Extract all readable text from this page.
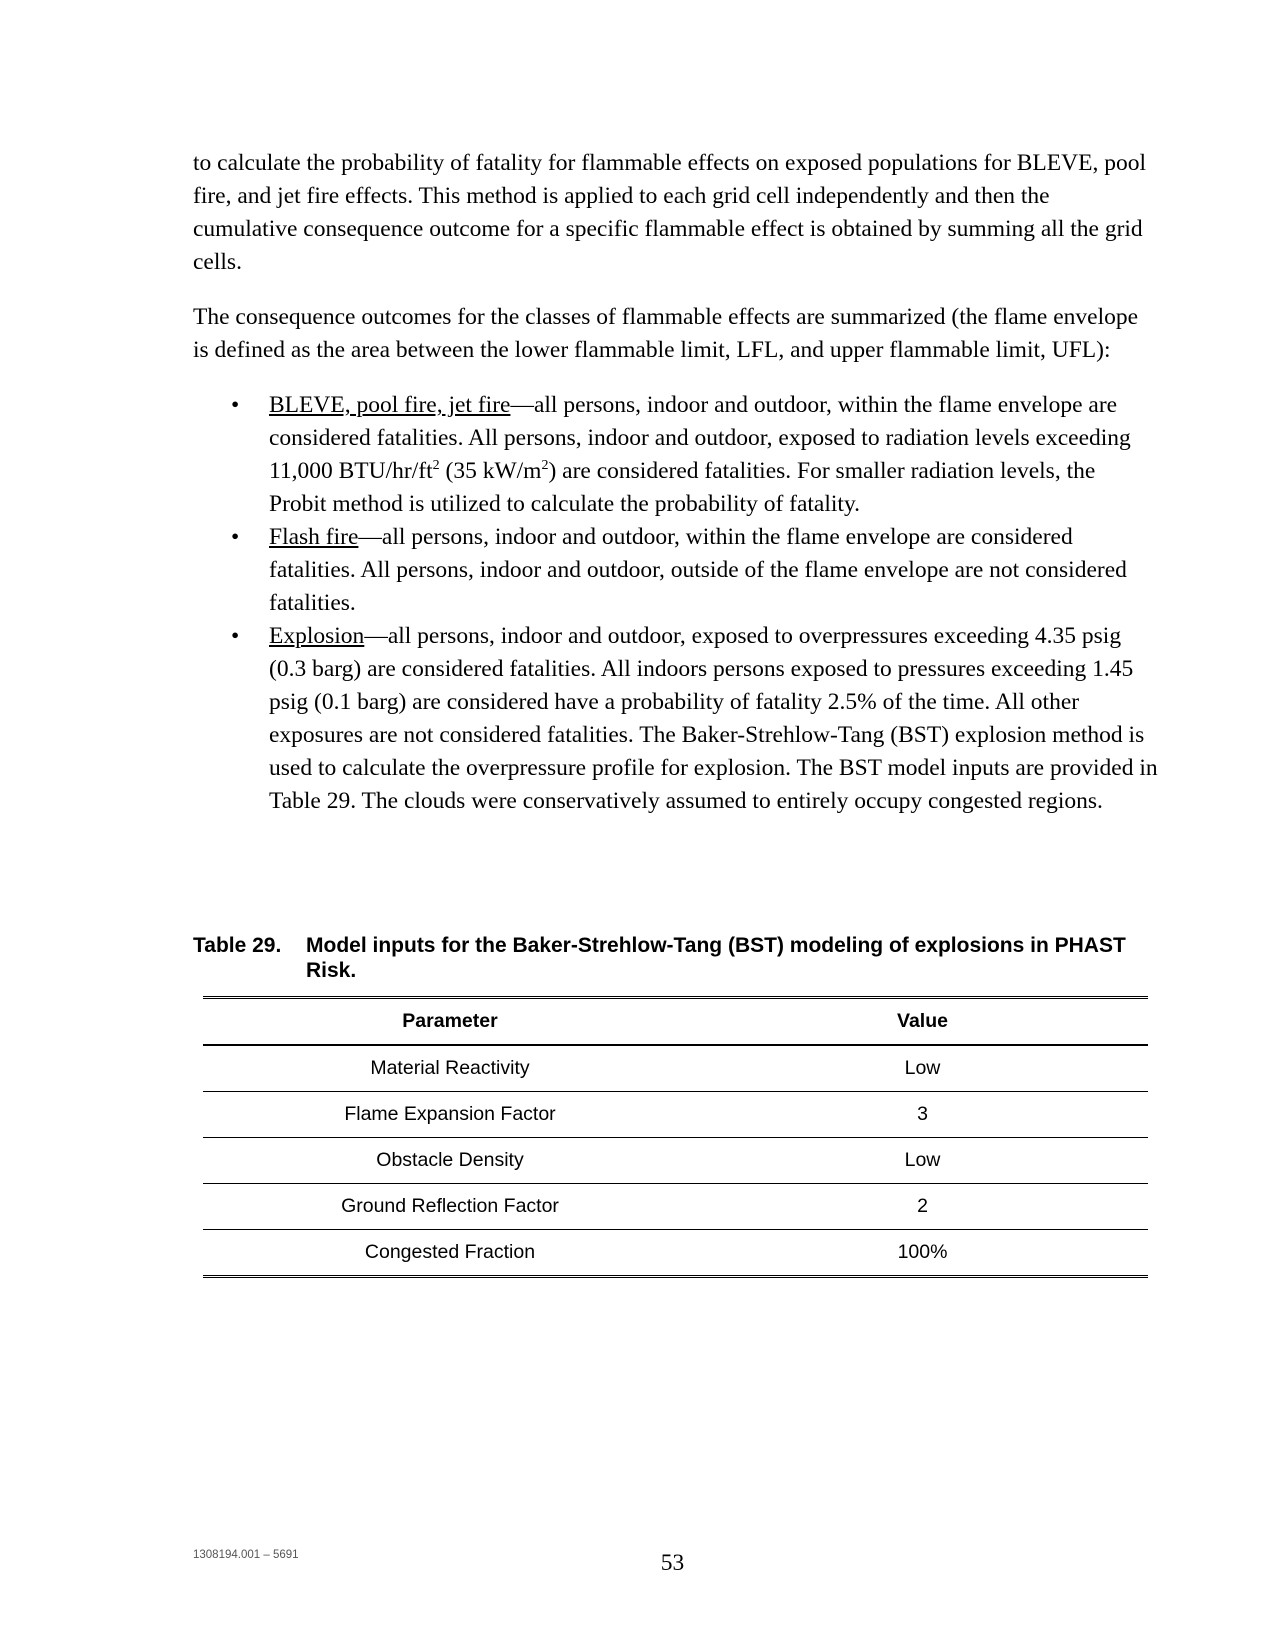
to calculate the probability of fatality for flammable effects on exposed populations for BLEVE, pool fire, and jet fire effects. This method is applied to each grid cell independently and then the cumulative consequence outcome for a specific flammable effect is obtained by summing all the grid cells.

The consequence outcomes for the classes of flammable effects are summarized (the flame envelope is defined as the area between the lower flammable limit, LFL, and upper flammable limit, UFL):

• BLEVE, pool fire, jet fire—all persons, indoor and outdoor, within the flame envelope are considered fatalities. All persons, indoor and outdoor, exposed to radiation levels exceeding 11,000 BTU/$hr/ft^2$ (35 $kW/m^2$) are considered fatalities. For smaller radiation levels, the Probit method is utilized to calculate the probability of fatality.
• Flash fire—all persons, indoor and outdoor, within the flame envelope are considered fatalities. All persons, indoor and outdoor, outside of the flame envelope are not considered fatalities.
• Explosion—all persons, indoor and outdoor, exposed to overpressures exceeding 4.35 psig (0.3 barg) are considered fatalities. All indoors persons exposed to pressures exceeding 1.45 psig (0.1 barg) are considered have a probability of fatality 2.5% of the time. All other exposures are not considered fatalities. The Baker-Strehlow-Tang (BST) explosion method is used to calculate the overpressure profile for explosion. The BST model inputs are provided in Table 29. The clouds were conservatively assumed to entirely occupy congested regions.
Table 29.	Model inputs for the Baker-Strehlow-Tang (BST) modeling of explosions in PHAST Risk.
Parameter	Value
Material Reactivity	Low
Flame Expansion Factor	3
Obstacle Density	Low
Ground Reflection Factor	2
Congested Fraction	100%
1308194.001 – 5691	53
